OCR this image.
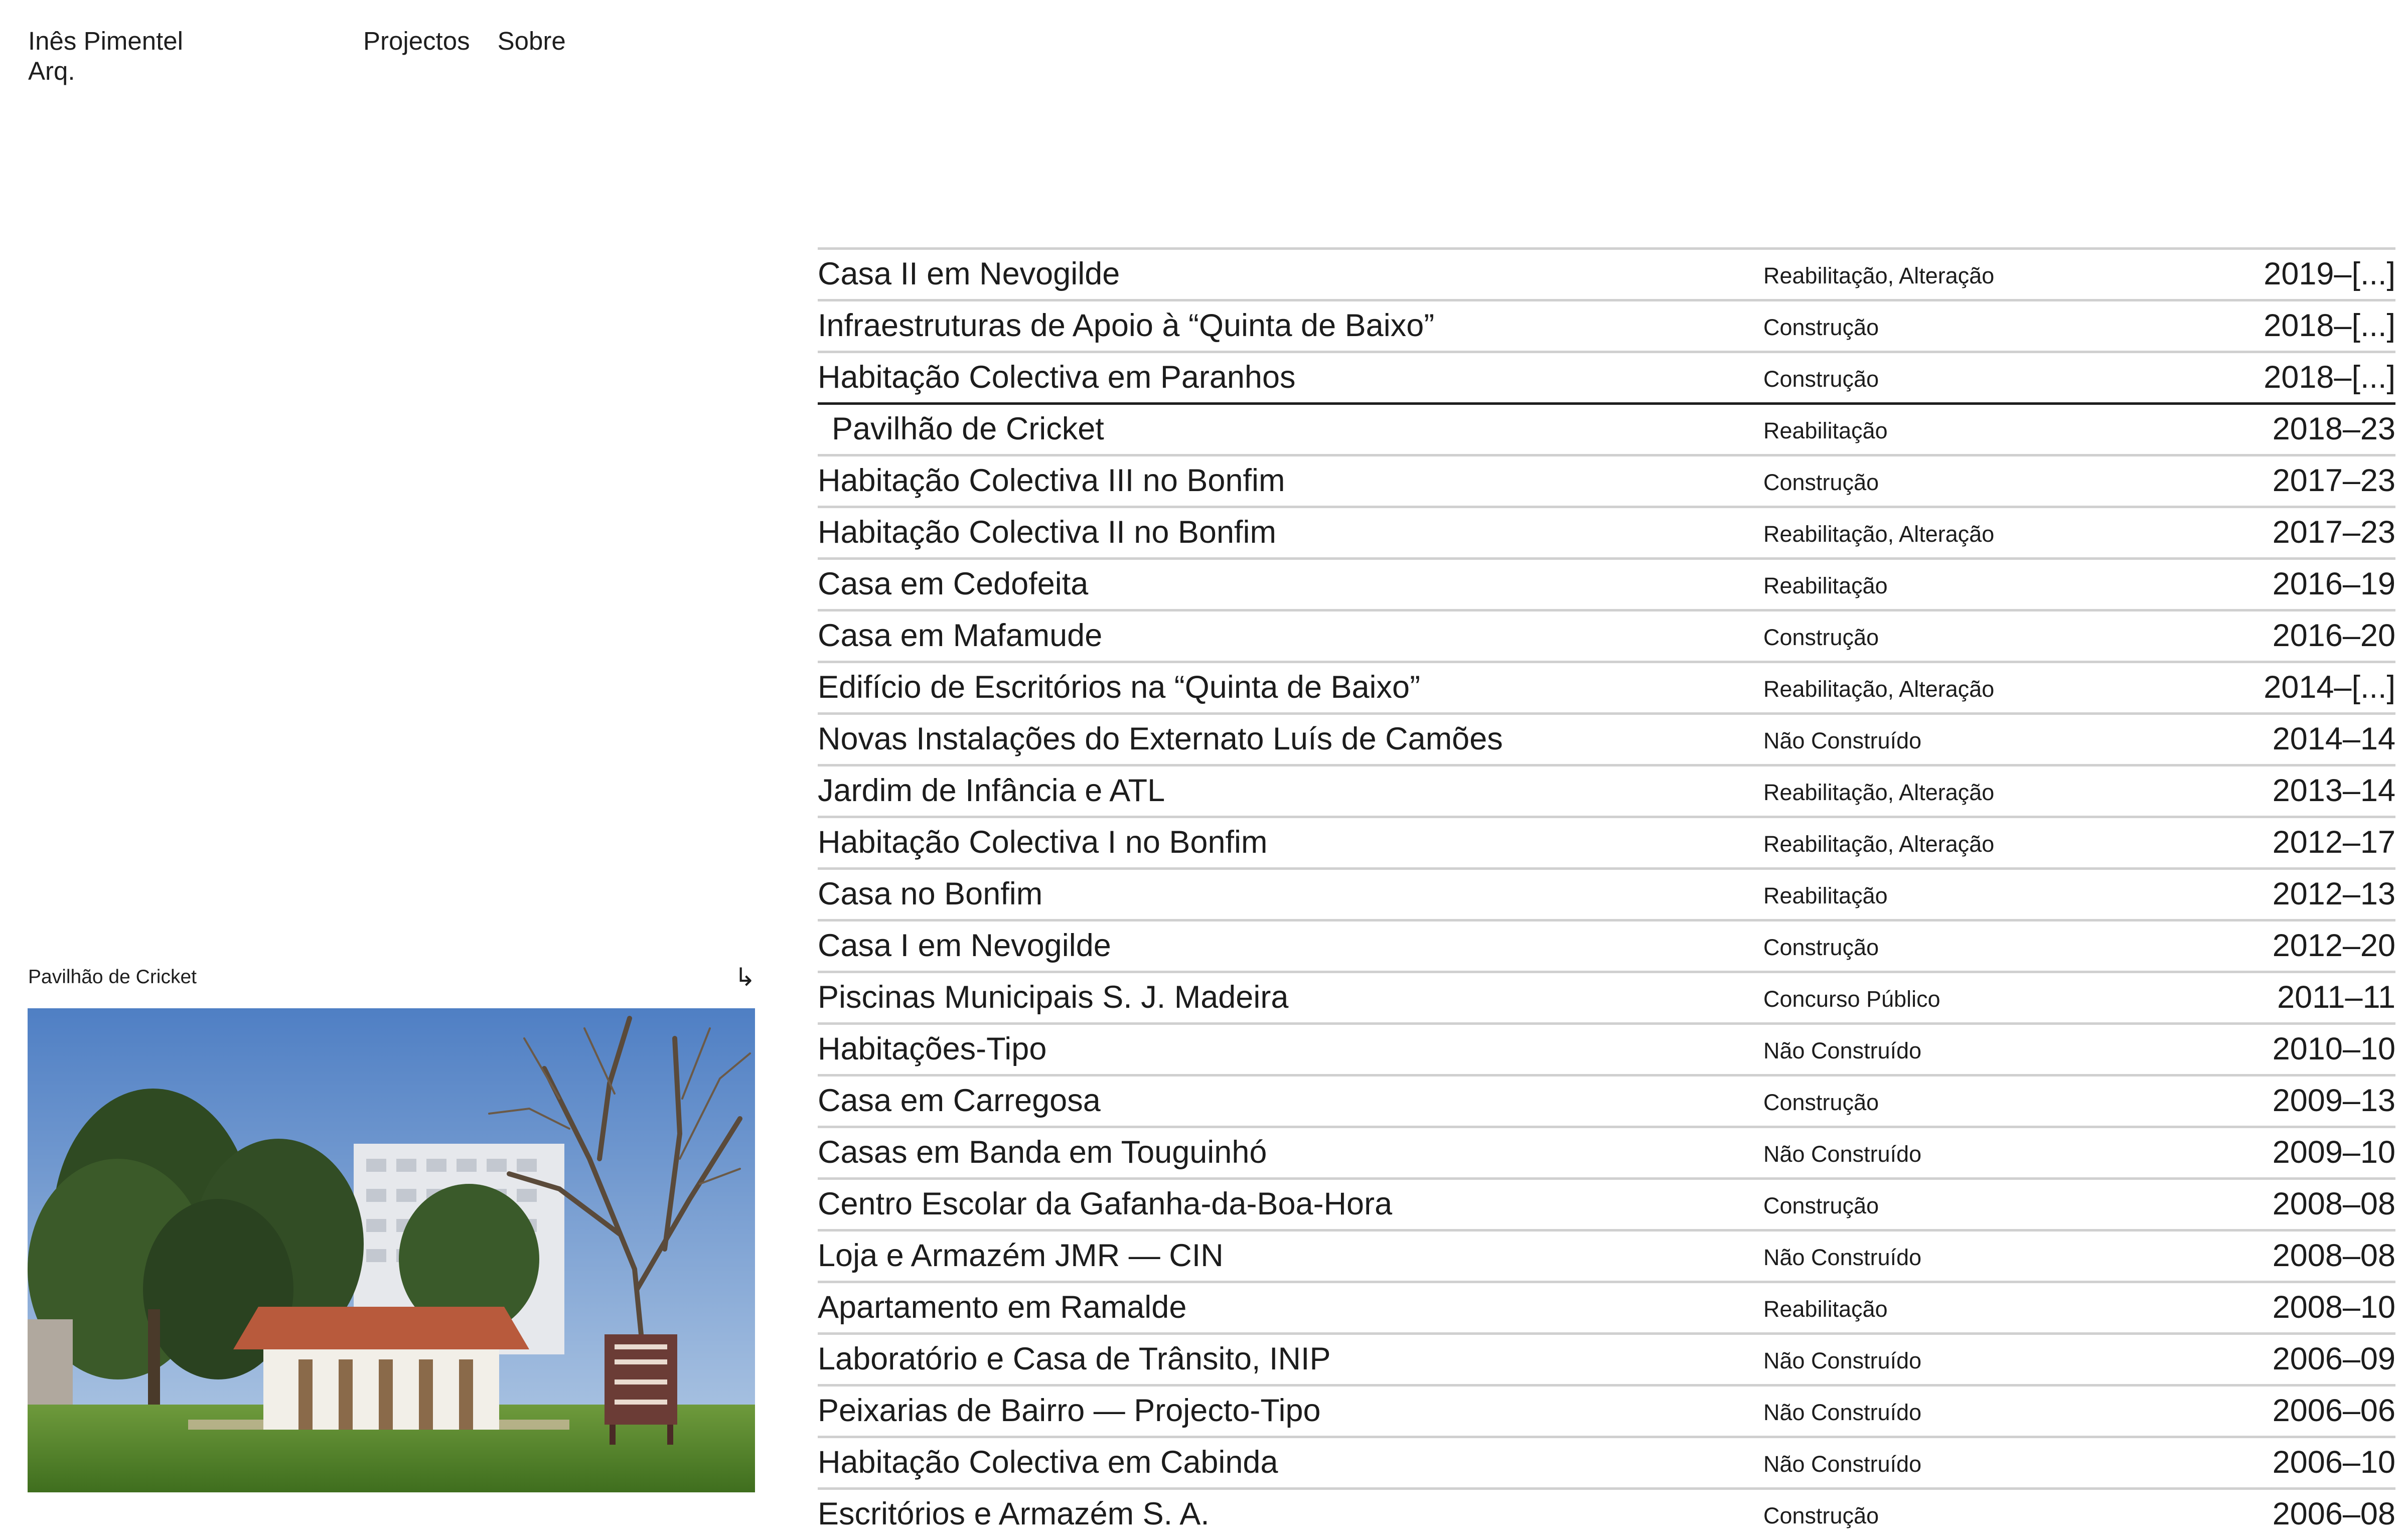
Inês Pimentel
Arq.
Projectos Sobre
Pavilhão de Cricket	↳
Casa II em Nevogilde	Reabilitação, Alteração	2019–[...]
Infraestruturas de Apoio à “Quinta de Baixo”	Construção	2018–[...]
Habitação Colectiva em Paranhos	Construção	2018–[...]
Pavilhão de Cricket	Reabilitação	2018–23
Habitação Colectiva III no Bonfim	Construção	2017–23
Habitação Colectiva II no Bonfim	Reabilitação, Alteração	2017–23
Casa em Cedofeita	Reabilitação	2016–19
Casa em Mafamude	Construção	2016–20
Edifício de Escritórios na “Quinta de Baixo”	Reabilitação, Alteração	2014–[...]
Novas Instalações do Externato Luís de Camões	Não Construído	2014–14
Jardim de Infância e ATL	Reabilitação, Alteração	2013–14
Habitação Colectiva I no Bonfim	Reabilitação, Alteração	2012–17
Casa no Bonfim	Reabilitação	2012–13
Casa I em Nevogilde	Construção	2012–20
Piscinas Municipais S. J. Madeira	Concurso Público	2011–11
Habitações-Tipo	Não Construído	2010–10
Casa em Carregosa	Construção	2009–13
Casas em Banda em Touguinhó	Não Construído	2009–10
Centro Escolar da Gafanha-da-Boa-Hora	Construção	2008–08
Loja e Armazém JMR — CIN	Não Construído	2008–08
Apartamento em Ramalde	Reabilitação	2008–10
Laboratório e Casa de Trânsito, INIP	Não Construído	2006–09
Peixarias de Bairro — Projecto-Tipo	Não Construído	2006–06
Habitação Colectiva em Cabinda	Não Construído	2006–10
Escritórios e Armazém S. A.	Construção	2006–08
